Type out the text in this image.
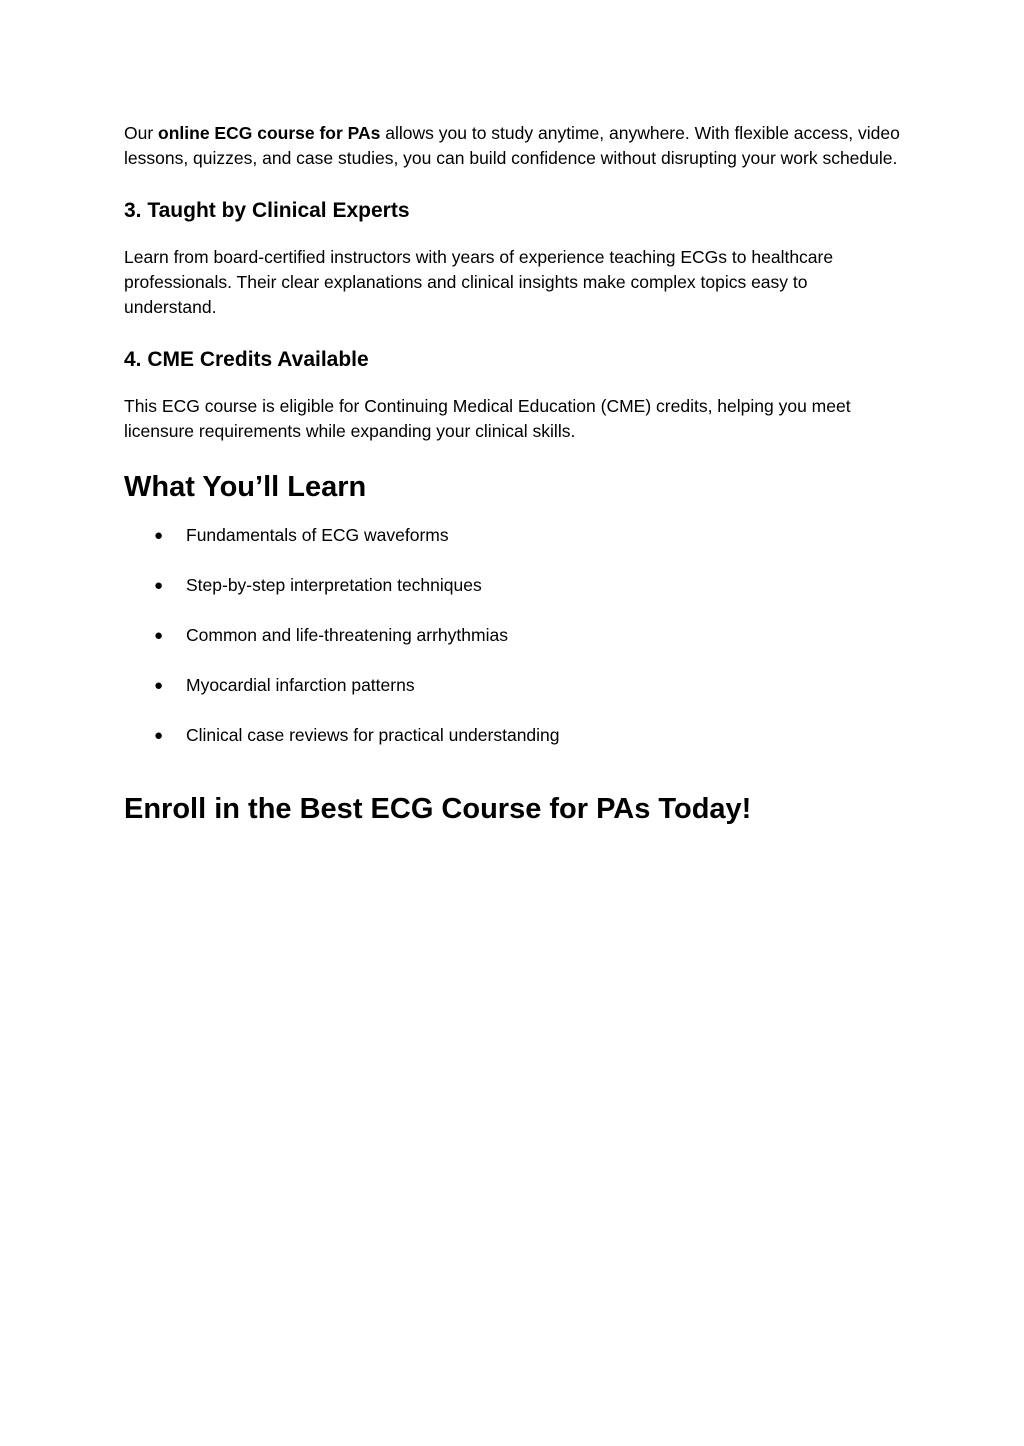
Our online ECG course for PAs allows you to study anytime, anywhere. With flexible access, video lessons, quizzes, and case studies, you can build confidence without disrupting your work schedule.

3. Taught by Clinical Experts

Learn from board-certified instructors with years of experience teaching ECGs to healthcare professionals. Their clear explanations and clinical insights make complex topics easy to understand.

4. CME Credits Available

This ECG course is eligible for Continuing Medical Education (CME) credits, helping you meet licensure requirements while expanding your clinical skills.

What You’ll Learn
● Fundamentals of ECG waveforms
● Step-by-step interpretation techniques
● Common and life-threatening arrhythmias
● Myocardial infarction patterns
● Clinical case reviews for practical understanding
Enroll in the Best ECG Course for PAs Today!
